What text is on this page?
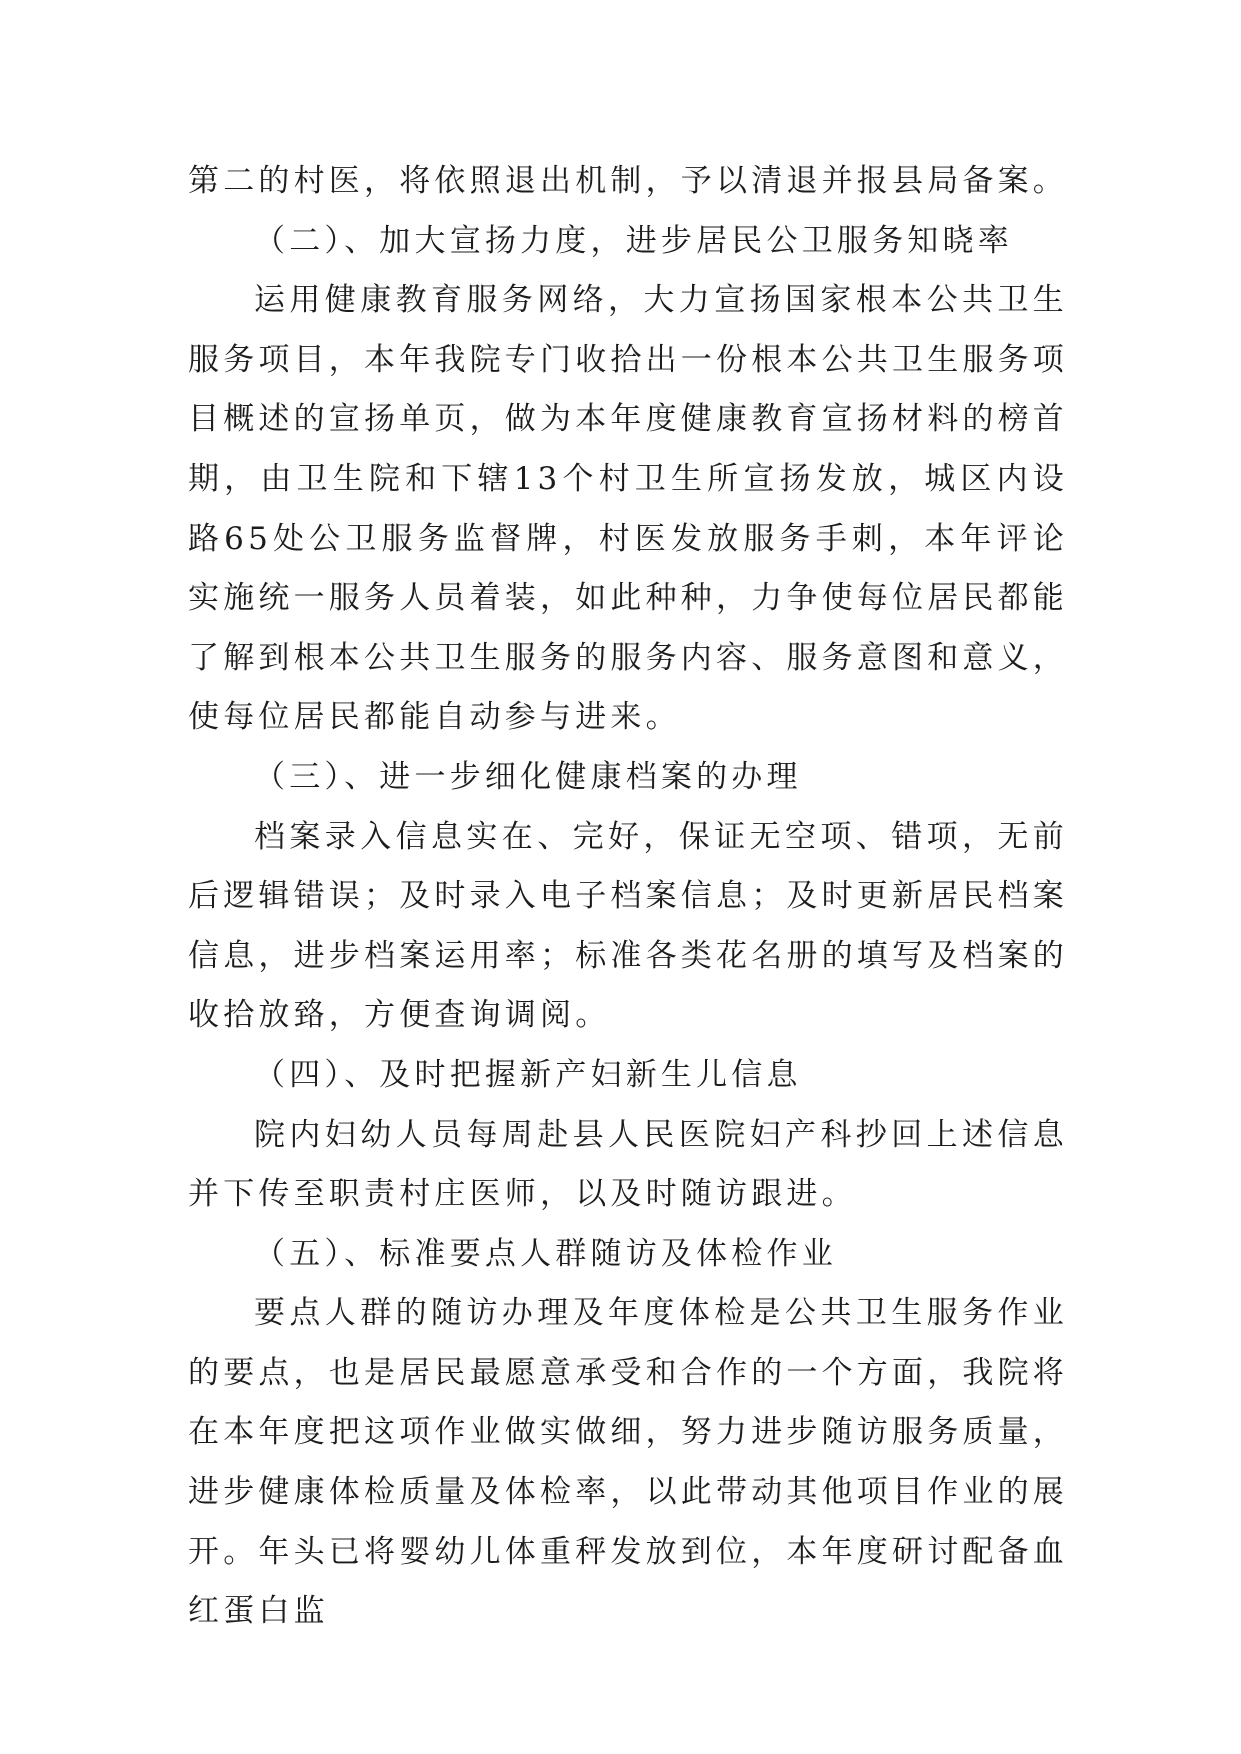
第二的村医，将依照退出机制，予以清退并报县局备案。

（二）、加大宣扬力度，进步居民公卫服务知晓率

运用健康教育服务网络，大力宣扬国家根本公共卫生服务项目，本年我院专门收拾出一份根本公共卫生服务项目概述的宣扬单页，做为本年度健康教育宣扬材料的榜首期，由卫生院和下辖13个村卫生所宣扬发放，城区内设路65处公卫服务监督牌，村医发放服务手刺，本年评论实施统一服务人员着装，如此种种，力争使每位居民都能了解到根本公共卫生服务的服务内容、服务意图和意义，使每位居民都能自动参与进来。

（三）、进一步细化健康档案的办理

档案录入信息实在、完好，保证无空项、错项，无前后逻辑错误；及时录入电子档案信息；及时更新居民档案信息，进步档案运用率；标准各类花名册的填写及档案的收拾放臵，方便查询调阅。

（四）、及时把握新产妇新生儿信息

院内妇幼人员每周赴县人民医院妇产科抄回上述信息并下传至职责村庄医师，以及时随访跟进。

（五）、标准要点人群随访及体检作业

要点人群的随访办理及年度体检是公共卫生服务作业的要点，也是居民最愿意承受和合作的一个方面，我院将在本年度把这项作业做实做细，努力进步随访服务质量，进步健康体检质量及体检率，以此带动其他项目作业的展开。年头已将婴幼儿体重秤发放到位，本年度研讨配备血红蛋白监
